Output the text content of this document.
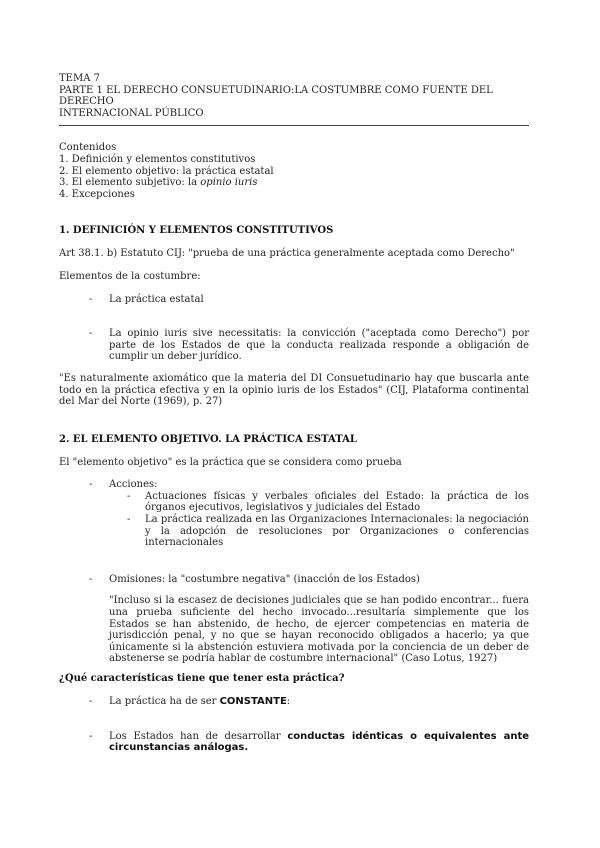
TEMA 7
PARTE 1 EL DERECHO CONSUETUDINARIO:LA COSTUMBRE COMO FUENTE DEL DERECHO
INTERNACIONAL PÚBLICO
Contenidos
1. Definición y elementos constitutivos
2. El elemento objetivo: la práctica estatal
3. El elemento subjetivo: la opinio iuris
4. Excepciones
1. DEFINICIÓN Y ELEMENTOS CONSTITUTIVOS

Art 38.1. b) Estatuto CIJ: "prueba de una práctica generalmente aceptada como Derecho"

Elementos de la costumbre:

- La práctica estatal

- La opinio iuris sive necessitatis: la convicción ("aceptada como Derecho") por parte de los Estados de que la conducta realizada responde a obligación de cumplir un deber jurídico.

"Es naturalmente axiomático que la materia del DI Consuetudinario hay que buscarla ante todo en la práctica efectiva y en la opinio iuris de los Estados" (CIJ, Plataforma continental del Mar del Norte (1969), p. 27)

2. EL ELEMENTO OBJETIVO. LA PRÁCTICA ESTATAL

El "elemento objetivo" es la práctica que se considera como prueba

- Acciones:

- Actuaciones físicas y verbales oficiales del Estado: la práctica de los órganos ejecutivos, legislativos y judiciales del Estado

- La práctica realizada en las Organizaciones Internacionales: la negociación y la adopción de resoluciones por Organizaciones o conferencias internacionales

- Omisiones: la "costumbre negativa" (inacción de los Estados)

"Incluso si la escasez de decisiones judiciales que se han podido encontrar... fuera una prueba suficiente del hecho invocado...resultaría simplemente que los Estados se han abstenido, de hecho, de ejercer competencias en materia de jurisdicción penal, y no que se hayan reconocido obligados a hacerlo; ya que únicamente si la abstención estuviera motivada por la conciencia de un deber de abstenerse se podría hablar de costumbre internacional" (Caso Lotus, 1927)

¿Qué características tiene que tener esta práctica?
- La práctica ha de ser CONSTANTE:

- Los Estados han de desarrollar conductas idénticas o equivalentes ante circunstancias análogas.
